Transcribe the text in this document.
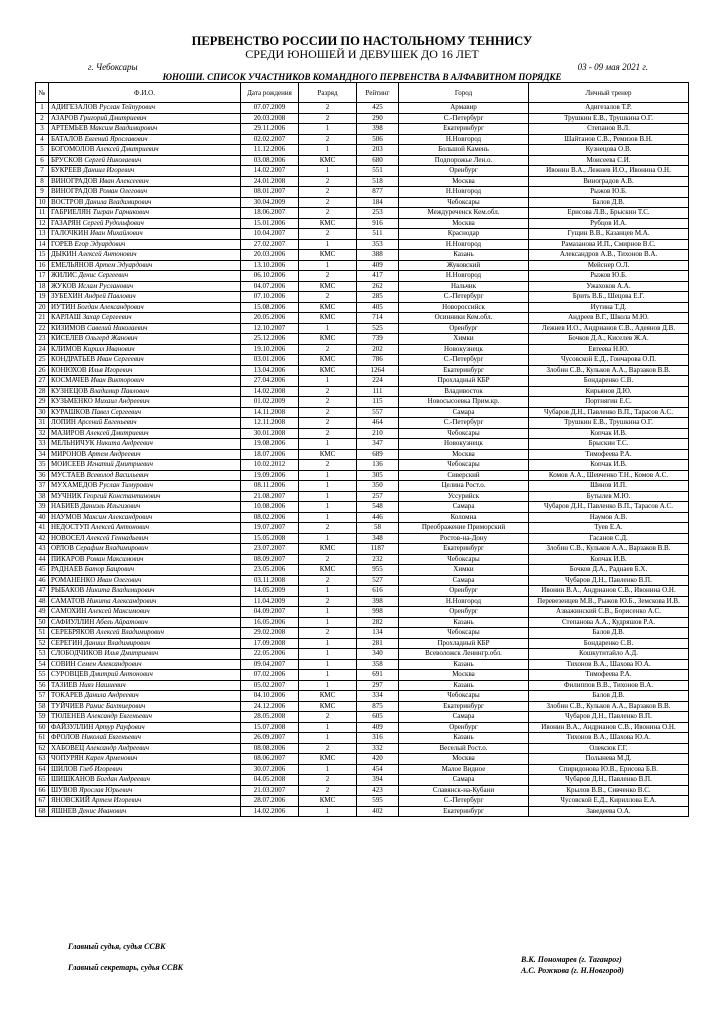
ПЕРВЕНСТВО РОССИИ ПО НАСТОЛЬНОМУ ТЕННИСУ
СРЕДИ ЮНОШЕЙ И ДЕВУШЕК ДО 16 ЛЕТ
г. Чебоксары	03 - 09 мая 2021 г.
ЮНОШИ. СПИСОК УЧАСТНИКОВ КОМАНДНОГО ПЕРВЕНСТВА В АЛФАВИТНОМ ПОРЯДКЕ
№	Ф.И.О.	Дата рождения	Разряд	Рейтинг	Город	Личный тренер
1	АДИГЕЗАЛОВ Руслан Тейпурович	07.07.2009	2	425	Армавир	Адигезалов Т.Р.
2	АЗАРОВ Григорий Дмитриевич	20.03.2008	2	290	С.-Петербург	Трушкин Е.В., Трушкина О.Г.
3	АРТЕМЬЕВ Максим Владимирович	29.11.2006	1	398	Екатеринбург	Степанов В.Л.
4	БАТАЛОВ Евгений Ярославович	02.02.2007	2	506	Н.Новгород	Шайтанов С.В., Ремизов В.Н.
5	БОГОМОЛОВ Алексей Дмитриевич	11.12.2006	1	203	Большой Камень	Кузнецова О.В.
6	БРУСКОВ Сергей Николаевич	03.08.2006	КМС	680	Подпорожье Лен.о.	Моисеева С.И.
7	БУКРЕЕВ Даниил Игоревич	14.02.2007	1	551	Оренбург	Ивонин В.А., Лежнев И.О., Ивонина О.Н.
8	ВИНОГРАДОВ Иван Алексеевич	24.01.2008	2	518	Москва	Виноградов А.В.
9	ВИНОГРАДОВ Роман Олегович	08.01.2007	2	877	Н.Новгород	Рыжов Ю.Б.
10	ВОСТРОВ Данила Владимирович	30.04.2009	2	184	Чебоксары	Балов Д.В.
11	ГАБРИЕЛЯН Тигран Гарникович	18.06.2007	2	253	Междуреченск Кем.обл.	Ерисова Л.В., Брыскин Т.С.
12	ГАЗАРЯН Сергей Рудольфович	15.01.2006	КМС	916	Москва	Рубцов И.А.
13	ГАЛОЧКИН Иван Михайлович	10.04.2007	2	511	Краснодар	Гущин В.В., Казанцев М.А.
14	ГОРЕВ Егор Эдуардович	27.02.2007	1	353	Н.Новгород	Рамазанова И.П., Смирнов В.С.
15	ДЫКИН Алексей Антонович	20.03.2006	КМС	388	Казань	Александров А.В., Тихонов В.А.
16	ЕМЕЛЬЯНОВ Артем Эдуардович	13.10.2006	1	409	Жуковский	Мейснер О.Л.
17	ЖИЛИС Денис Сергеевич	06.10.2006	2	417	Н.Новгород	Рыжов Ю.Б.
18	ЖУКОВ Ислам Русланович	04.07.2006	КМС	262	Нальчик	Ужахоков А.А.
19	ЗУБЕХИН Андрей Павлович	07.10.2006	2	285	С.-Петербург	Брить В.Б., Шецова Е.Г.
20	ИУТИН Богдан Александрович	15.08.2006	КМС	405	Новороссийск	Иутина Т.Д.
21	КАРЛАШ Захар Сергеевич	20.05.2006	КМС	714	Осинники Кем.обл.	Андреев В.Г., Школа М.Ю.
22	КИЗИМОВ Савелий Николаевич	12.10.2007	1	525	Оренбург	Лежнев И.О., Андрианов С.В., Адеянов Д.В.
23	КИСЕЛЕВ Ольгерд Жанович	25.12.2006	КМС	739	Химки	Бочков Д.А., Киселев Ж.А.
24	КЛИМОВ Кирилл Иванович	19.10.2006	2	202	Новокузнецк	Евтеева Н.Ю.
25	КОНДРАТЬЕВ Иван Сергеевич	03.01.2006	КМС	786	С.-Петербург	Чусовской Е.Д., Гончарова О.П.
26	КОНЮХОВ Илья Игоревич	13.04.2006	КМС	1264	Екатеринбург	Злобин С.В., Кульков А.А., Варзаков В.В.
27	КОСМАЧЕВ Иван Викторович	27.04.2006	1	224	Прохладный КБР	Бондаренко С.В.
28	КУЗНЕЦОВ Владимир Павлович	14.02.2008	2	111	Владивосток	Кирьянов Д.Ю.
29	КУЗЬМЕНКО Михаил Андреевич	01.02.2009	2	115	Новосысоевка Прим.кр.	Портнягин Е.С.
30	КУРАШКОВ Павел Сергеевич	14.11.2008	2	557	Самара	Чубаров Д.Н., Павленко В.П., Тарасов А.С.
31	ЛОПИН Арсений Евгеньевич	12.11.2008	2	464	С.-Петербург	Трушкин Е.В., Трушкина О.Г.
32	МАЗИРОВ Алексей Дмитриевич	30.01.2008	2	210	Чебоксары	Копчак И.В.
33	МЕЛЬНИЧУК Никита Андреевич	19.08.2006	1	347	Новокузнецк	Брыскин Т.С.
34	МИРОНОВ Артем Андреевич	18.07.2006	КМС	689	Москва	Тимофеева Р.А.
35	МОИСЕЕВ Игнатий Дмитриевич	10.02.2012	2	136	Чебоксары	Копчак И.В.
36	МУСТАЕВ Всеволод Васильевич	19.09.2006	1	305	Сиверский	Комов А.А., Шевченко Т.Н., Комов А.С.
37	МУХАМЕДОВ Руслан Тимурович	08.11.2006	1	350	Целина Рост.о.	Шинов И.П.
38	МУЧНИК Георгий Константинович	21.08.2007	1	257	Уссурийск	Бутылев М.Ю.
39	НАБИЕВ Даниэль Ильгизович	10.08.2006	1	548	Самара	Чубаров Д.Н., Павленко В.П., Тарасов А.С.
40	НАУМОВ Максим Александрович	08.02.2006	1	446	Коломна	Наумов А.В.
41	НЕДОСТУП Алексей Антонович	19.07.2007	2	58	Преображение Приморский	Туев Е.А.
42	НОВОСЕЛ Алексей Геннадьевич	15.05.2008	1	348	Ростов-на-Дону	Гасанов С.Д.
43	ОРЛОВ Серафим Владимирович	23.07.2007	КМС	1187	Екатеринбург	Злобин С.В., Кульков А.А., Варзаков В.В.
44	ПИКАРОВ Роман Максимович	08.09.2007	2	232	Чебоксары	Копчак И.В.
45	РАДНАЕВ Батор Баирович	23.05.2006	КМС	955	Химки	Бочков Д.А., Раднаев Б.Х.
46	РОМАНЕНКО Иван Олегович	03.11.2008	2	527	Самара	Чубаров Д.Н., Павленко В.П.
47	РЫБАКОВ Никита Владимирович	14.05.2009	1	616	Оренбург	Ивонин В.А., Андрианов С.В., Ивонина О.Н.
48	САМАТОВ Никита Александрович	11.04.2009	2	398	Н.Новгород	Перевезенцев М.В., Рыжов Ю.Б., Земскова И.В.
49	САМОХИН Алексей Максимович	04.09.2007	1	998	Оренбург	Азважинский С.В., Борисенко А.С.
50	САФИУЛЛИН Абель Айратович	16.05.2006	1	282	Казань	Степанова А.А., Кудряшов Р.А.
51	СЕРЕБРЯКОВ Алексей Владимирович	29.02.2008	2	134	Чебоксары	Балов Д.В.
52	СЕРЕГИН Даниил Владимирович	17.09.2008	1	281	Прохладный КБР	Бондаренко С.В.
53	СЛОБОДЧИКОВ Илья Дмитриевич	22.05.2006	1	340	Всеволожск Ленингр.обл.	Кошкутитайло А.Д.
54	СОВИН Семен Александрович	09.04.2007	1	358	Казань	Тихонов В.А., Шахова Ю.А.
55	СУРОВЦЕВ Дмитрий Антонович	07.02.2006	1	691	Москва	Тимофеева Р.А.
56	ТАЗИЕВ Нияз Нашиевич	05.02.2007	1	297	Казань	Филиппов В.В., Тихонов В.А.
57	ТОКАРЕВ Данила Андреевич	04.10.2006	КМС	334	Чебоксары	Балов Д.В.
58	ТУЙЧИЕВ Рамис Бахтиерович	24.12.2006	КМС	875	Екатеринбург	Злобин С.В., Кульков А.А., Варзаков В.В.
59	ТЮЛЕНЕВ Александр Евгеньевич	28.05.2008	2	605	Самара	Чубаров Д.Н., Павленко В.П.
60	ФАЙЗУЛЛИН Артур Рауфович	15.07.2008	1	409	Оренбург	Ивонин В.А., Андрианов С.В., Ивонина О.Н.
61	ФРОЛОВ Николай Евгеньевич	26.09.2007	1	316	Казань	Тихонов В.А., Шахова Ю.А.
62	ХАБОВЕЦ Александр Андреевич	08.08.2006	2	332	Веселый Рост.о.	Олексюк Г.Г.
63	ЧОПУРЯН Карен Арменович	08.06.2007	КМС	420	Москва	Полынева М.Д.
64	ШИЛОВ Глеб Игоревич	30.07.2006	1	454	Малое Видное	Спиридонова Ю.В., Ерисова Б.В.
65	ШИШКАНОВ Богдан Андреевич	04.05.2008	2	394	Самара	Чубаров Д.Н., Павленко В.П.
66	ШУВОВ Ярослав Юрьевич	21.03.2007	2	423	Славянск-на-Кубани	Крылов В.В., Сивченко В.С.
67	ЯНОВСКИЙ Артем Игоревич	28.07.2006	КМС	595	С.-Петербург	Чусовской Е.Д., Кириллова Е.А.
68	ЯШНЕВ Денис Иванович	14.02.2006	1	402	Екатеринбург	Заведеева О.А.
Главный судья, судья ССВК
Главный секретарь, судья ССВК
В.К. Пономарев (г. Таганрог)
А.С. Рожкова (г. Н.Новгород)
